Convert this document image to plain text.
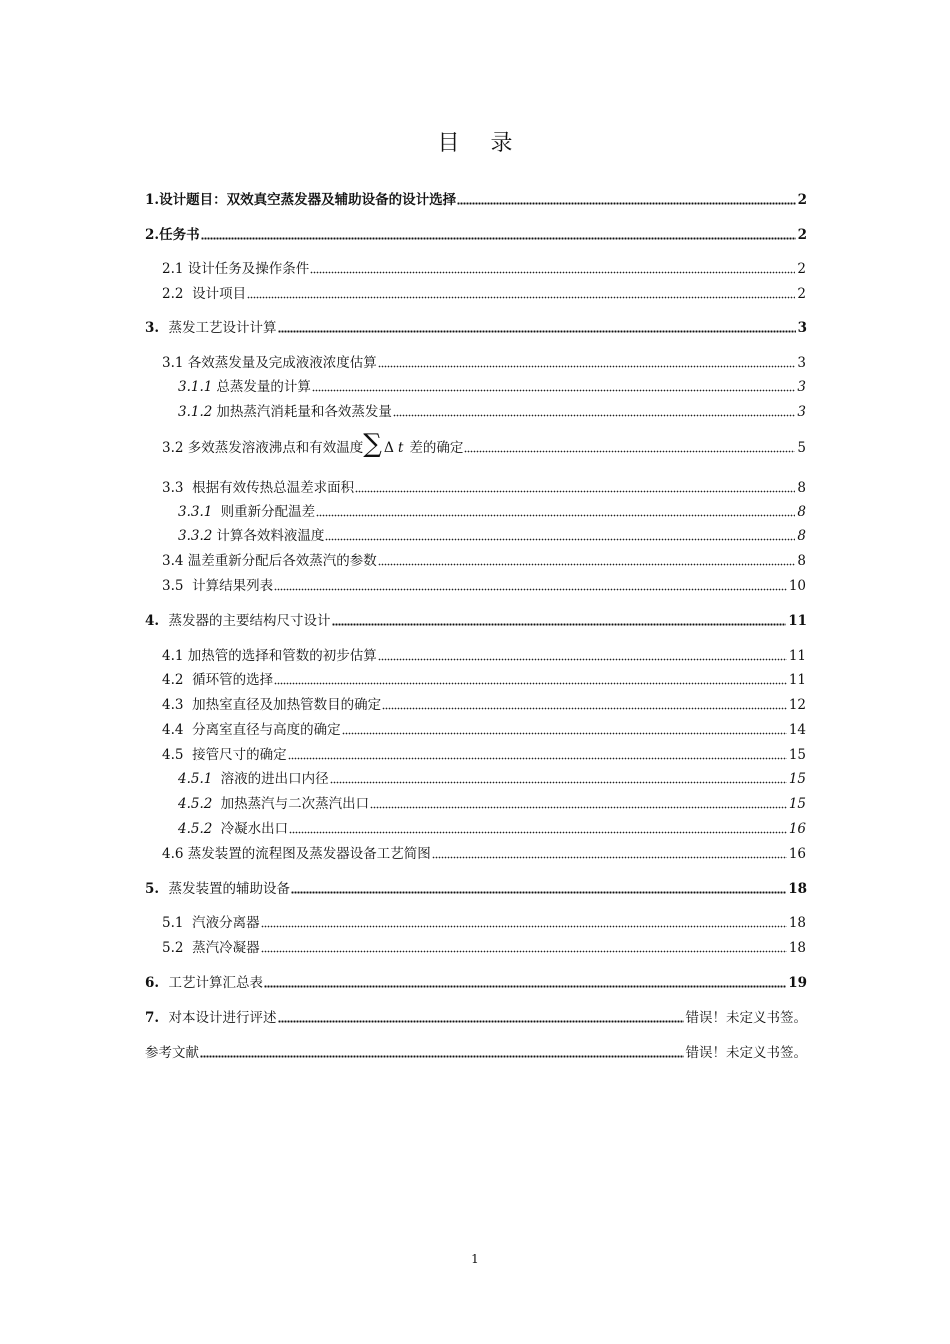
目 录
1.设计题目：双效真空蒸发器及辅助设备的设计选择	2
2.任务书	2
2.1 设计任务及操作条件	2
2.2 设计项目	2
3. 蒸发工艺设计计算	3
3.1 各效蒸发量及完成液液浓度估算	3
3.1.1 总蒸发量的计算	3
3.1.2 加热蒸汽消耗量和各效蒸发量	3
3.2 多效蒸发溶液沸点和有效温度∑ Δ t 差的确定	5
3.3 根据有效传热总温差求面积	8
3.3.1 则重新分配温差	8
3.3.2 计算各效料液温度	8
3.4 温差重新分配后各效蒸汽的参数	8
3.5 计算结果列表	10
4. 蒸发器的主要结构尺寸设计	11
4.1 加热管的选择和管数的初步估算	11
4.2 循环管的选择	11
4.3 加热室直径及加热管数目的确定	12
4.4 分离室直径与高度的确定	14
4.5 接管尺寸的确定	15
4.5.1 溶液的进出口内径	15
4.5.2 加热蒸汽与二次蒸汽出口	15
4.5.2 冷凝水出口	16
4.6 蒸发装置的流程图及蒸发器设备工艺简图	16
5. 蒸发装置的辅助设备	18
5.1 汽液分离器	18
5.2 蒸汽冷凝器	18
6. 工艺计算汇总表	19
7. 对本设计进行评述	错误！未定义书签。
参考文献	错误！未定义书签。
1
